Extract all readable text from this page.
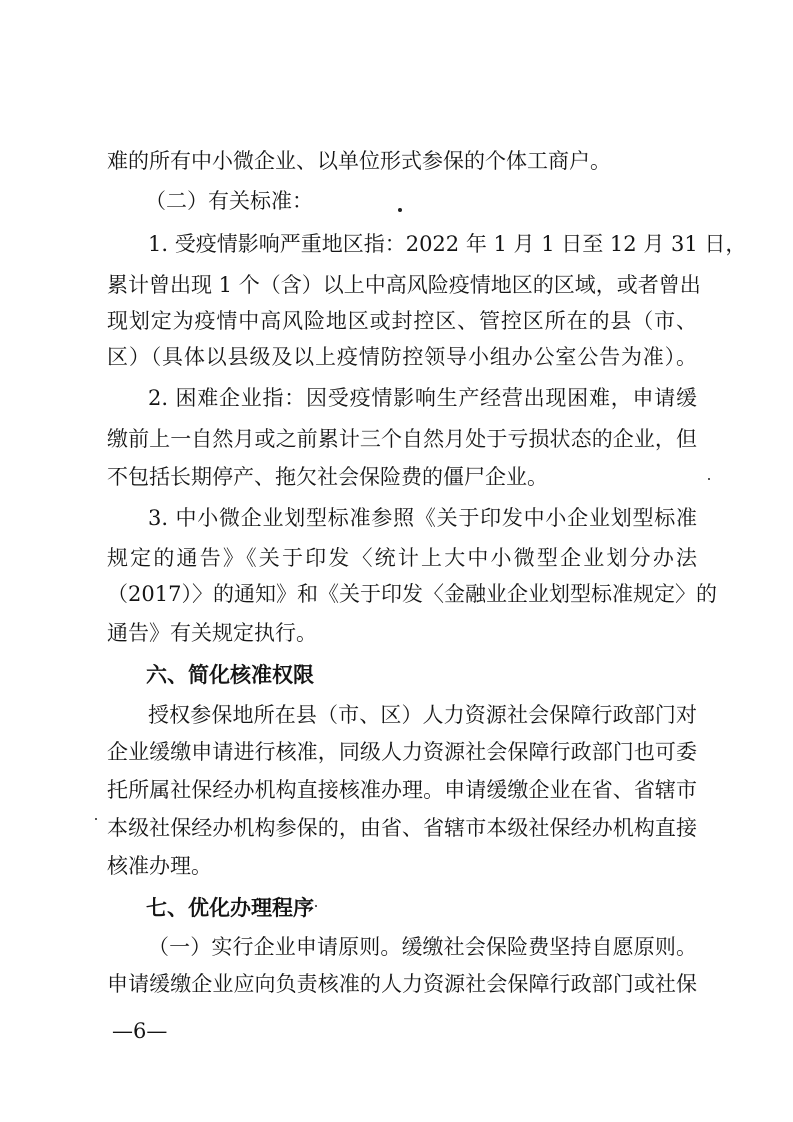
难的所有中小微企业、以单位形式参保的个体工商户。
（二）有关标准：
1. 受疫情影响严重地区指：2022 年 1 月 1 日至 12 月 31 日，
累计曾出现 1 个（含）以上中高风险疫情地区的区域，或者曾出
现划定为疫情中高风险地区或封控区、管控区所在的县（市、
区）（具体以县级及以上疫情防控领导小组办公室公告为准）。
2. 困难企业指：因受疫情影响生产经营出现困难，申请缓
缴前上一自然月或之前累计三个自然月处于亏损状态的企业，但
不包括长期停产、拖欠社会保险费的僵尸企业。
3. 中小微企业划型标准参照《关于印发中小企业划型标准
规定的通告》《关于印发〈统计上大中小微型企业划分办法
（2017）〉的通知》和《关于印发〈金融业企业划型标准规定〉的
通告》有关规定执行。
六、简化核准权限
授权参保地所在县（市、区）人力资源社会保障行政部门对
企业缓缴申请进行核准，同级人力资源社会保障行政部门也可委
托所属社保经办机构直接核准办理。申请缓缴企业在省、省辖市
本级社保经办机构参保的，由省、省辖市本级社保经办机构直接
核准办理。
七、优化办理程序
（一）实行企业申请原则。缓缴社会保险费坚持自愿原则。
申请缓缴企业应向负责核准的人力资源社会保障行政部门或社保
—6—
